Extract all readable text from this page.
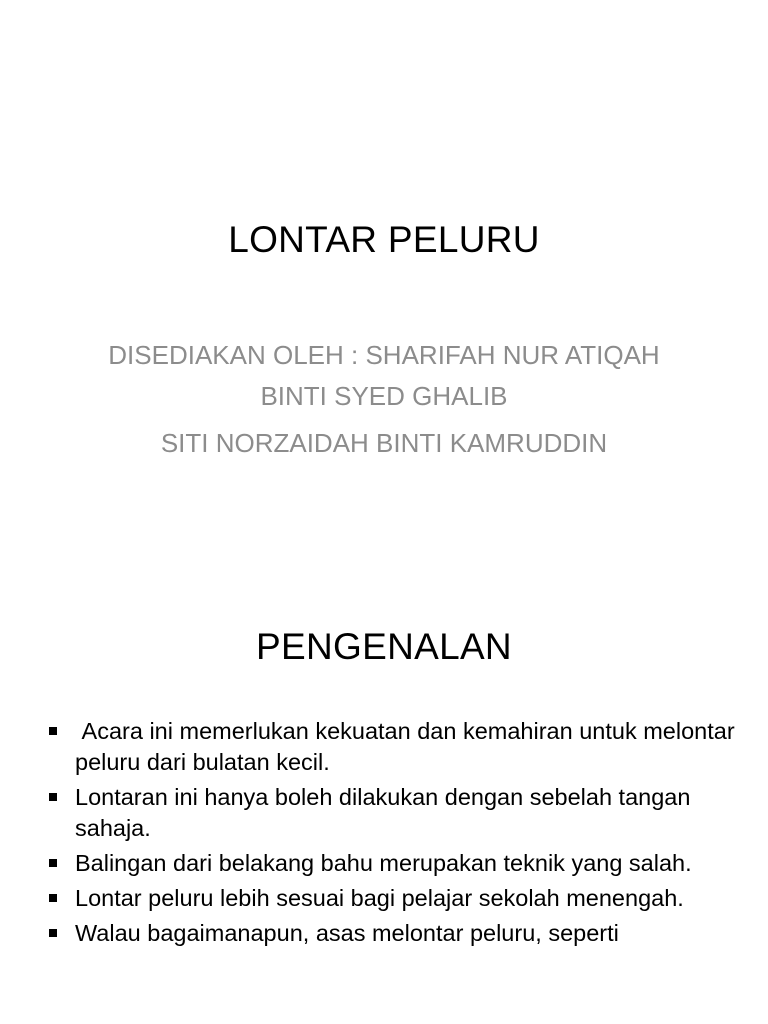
LONTAR PELURU

DISEDIAKAN OLEH : SHARIFAH NUR ATIQAH BINTI SYED GHALIB

SITI NORZAIDAH BINTI KAMRUDDIN

PENGENALAN
Acara ini memerlukan kekuatan dan kemahiran untuk melontar peluru dari bulatan kecil.
Lontaran ini hanya boleh dilakukan dengan sebelah tangan sahaja.
Balingan dari belakang bahu merupakan teknik yang salah.
Lontar peluru lebih sesuai bagi pelajar sekolah menengah.
Walau bagaimanapun, asas melontar peluru, seperti
